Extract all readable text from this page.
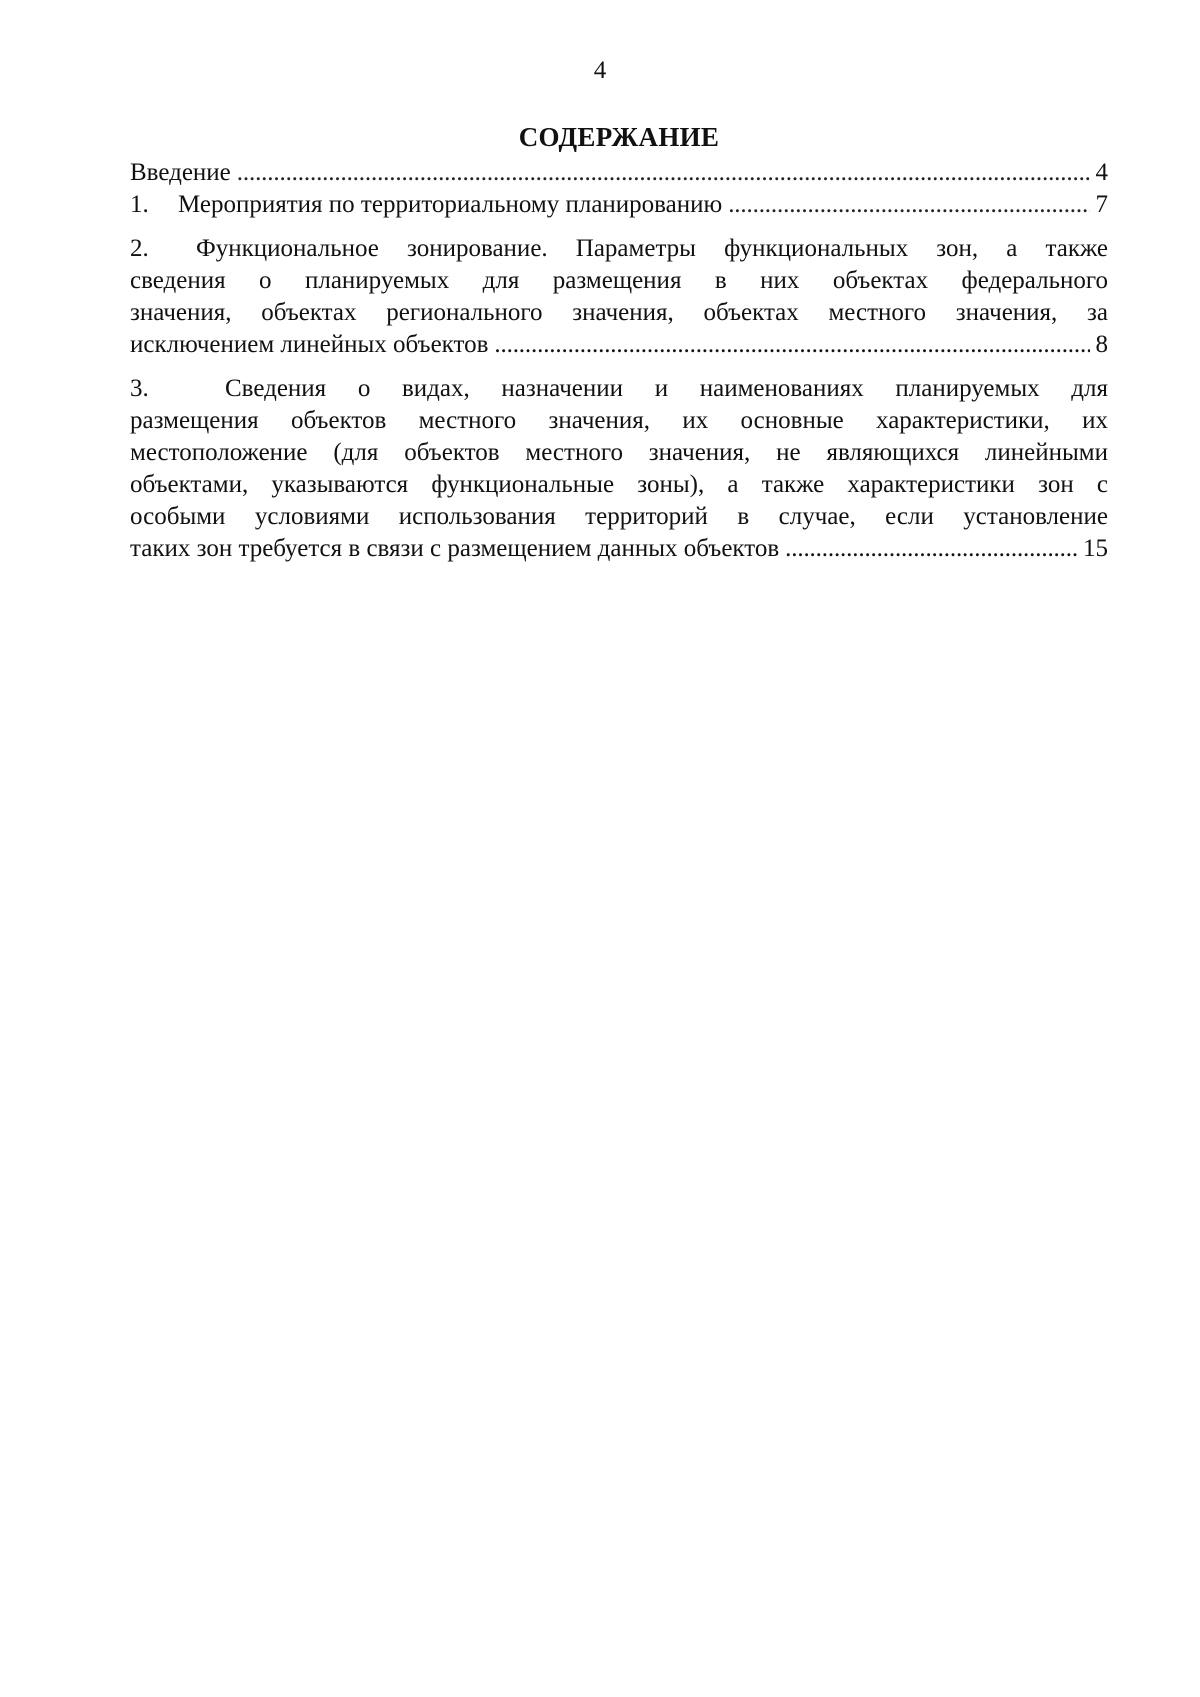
4
СОДЕРЖАНИЕ
Введение . . .	4
1.	Мероприятия по территориальному планированию . . .	7
2. Функциональное зонирование. Параметры функциональных зон, а также
сведения о планируемых для размещения в них объектах федерального
значения, объектах регионального значения, объектах местного значения, за
исключением линейных объектов . . .	8
3.	Сведения о видах, назначении и наименованиях планируемых для
размещения объектов местного значения, их основные характеристики, их
местоположение (для объектов местного значения, не являющихся линейными
объектами, указываются функциональные зоны), а также характеристики зон с
особыми условиями использования территорий в случае, если установление
таких зон требуется в связи с размещением данных объектов . . .	15
